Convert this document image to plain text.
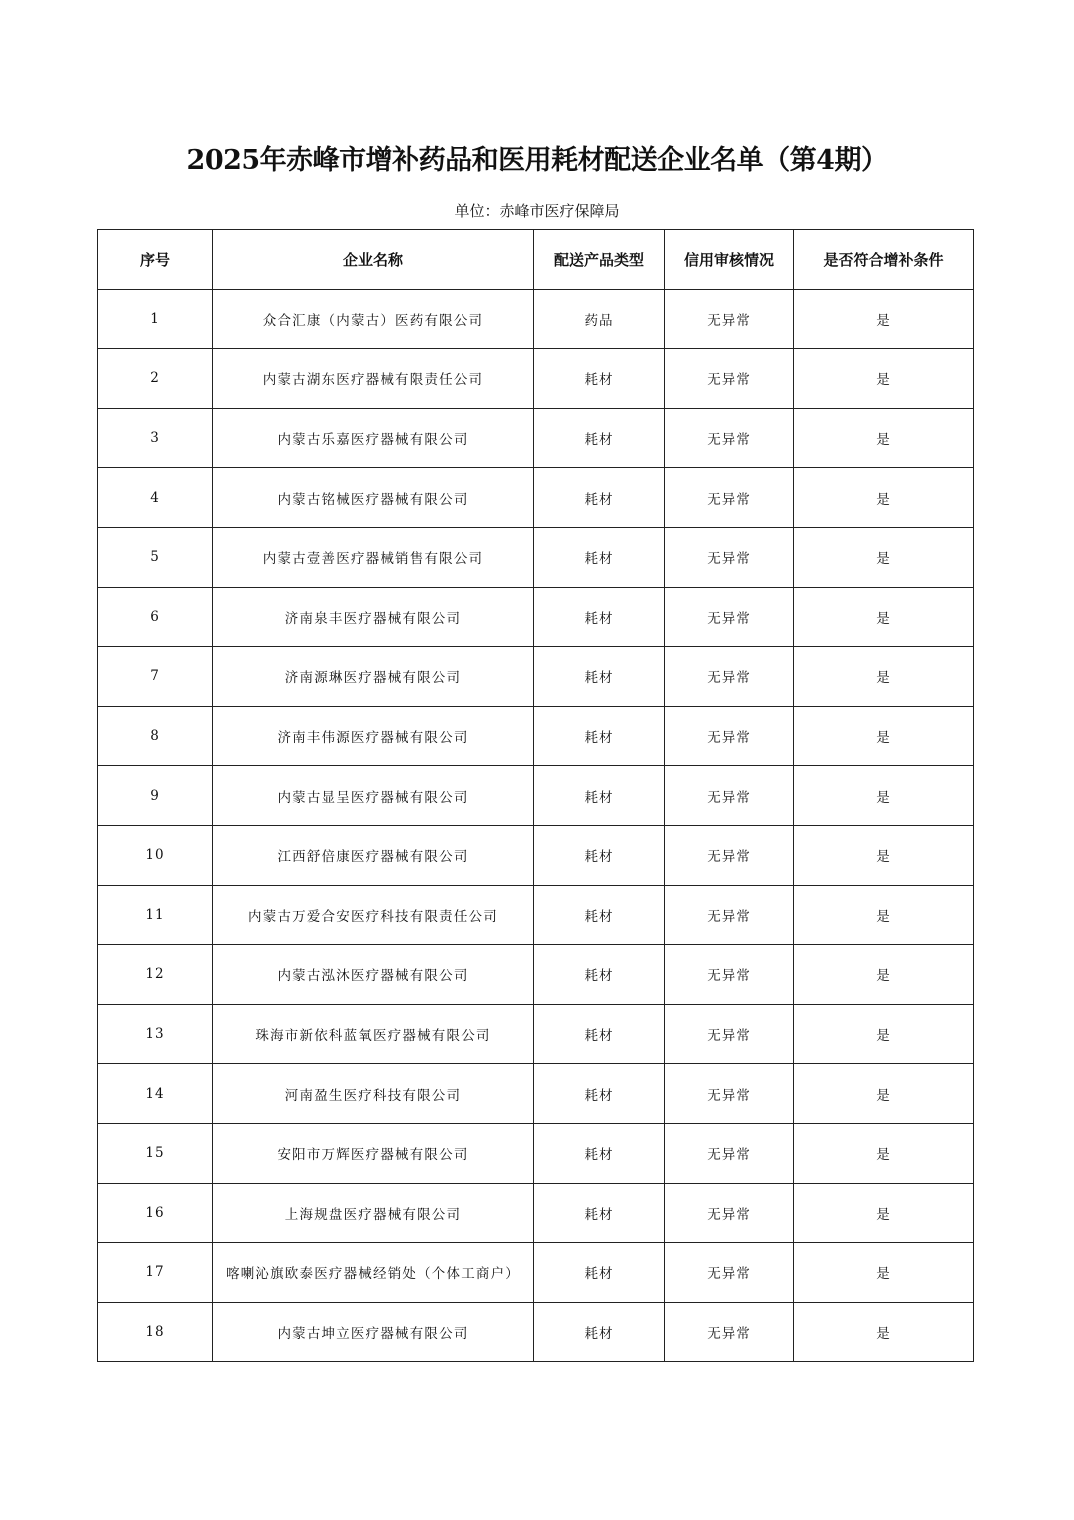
2025年赤峰市增补药品和医用耗材配送企业名单（第4期）
单位：赤峰市医疗保障局
序号	企业名称	配送产品类型	信用审核情况	是否符合增补条件
1	众合汇康（内蒙古）医药有限公司	药品	无异常	是
2	内蒙古湖东医疗器械有限责任公司	耗材	无异常	是
3	内蒙古乐嘉医疗器械有限公司	耗材	无异常	是
4	内蒙古铭械医疗器械有限公司	耗材	无异常	是
5	内蒙古壹善医疗器械销售有限公司	耗材	无异常	是
6	济南泉丰医疗器械有限公司	耗材	无异常	是
7	济南源琳医疗器械有限公司	耗材	无异常	是
8	济南丰伟源医疗器械有限公司	耗材	无异常	是
9	内蒙古显呈医疗器械有限公司	耗材	无异常	是
10	江西舒倍康医疗器械有限公司	耗材	无异常	是
11	内蒙古万爱合安医疗科技有限责任公司	耗材	无异常	是
12	内蒙古泓沐医疗器械有限公司	耗材	无异常	是
13	珠海市新依科蓝氧医疗器械有限公司	耗材	无异常	是
14	河南盈生医疗科技有限公司	耗材	无异常	是
15	安阳市万辉医疗器械有限公司	耗材	无异常	是
16	上海规盘医疗器械有限公司	耗材	无异常	是
17	喀喇沁旗欧泰医疗器械经销处（个体工商户）	耗材	无异常	是
18	内蒙古坤立医疗器械有限公司	耗材	无异常	是
